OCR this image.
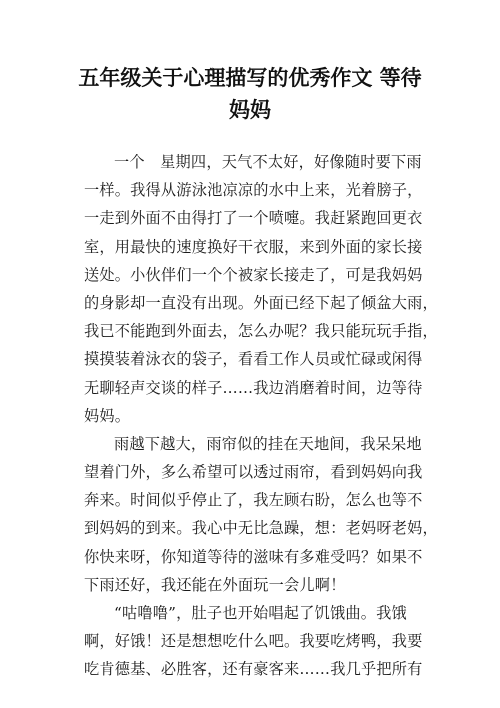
五年级关于心理描写的优秀作文 等待
妈妈
一个　星期四，天气不太好，好像随时要下雨
一样。我得从游泳池凉凉的水中上来，光着膀子，
一走到外面不由得打了一个喷嚏。我赶紧跑回更衣
室，用最快的速度换好干衣服，来到外面的家长接
送处。小伙伴们一个个被家长接走了，可是我妈妈
的身影却一直没有出现。外面已经下起了倾盆大雨，
我已不能跑到外面去，怎么办呢？我只能玩玩手指，
摸摸装着泳衣的袋子，看看工作人员或忙碌或闲得
无聊轻声交谈的样子……我边消磨着时间，边等待
妈妈。
雨越下越大，雨帘似的挂在天地间，我呆呆地
望着门外，多么希望可以透过雨帘，看到妈妈向我
奔来。时间似乎停止了，我左顾右盼，怎么也等不
到妈妈的到来。我心中无比急躁，想：老妈呀老妈，
你快来呀，你知道等待的滋味有多难受吗？如果不
下雨还好，我还能在外面玩一会儿啊！
“咕噜噜”，肚子也开始唱起了饥饿曲。我饿
啊，好饿！还是想想吃什么吧。我要吃烤鸭，我要
吃肯德基、必胜客，还有豪客来……我几乎把所有
